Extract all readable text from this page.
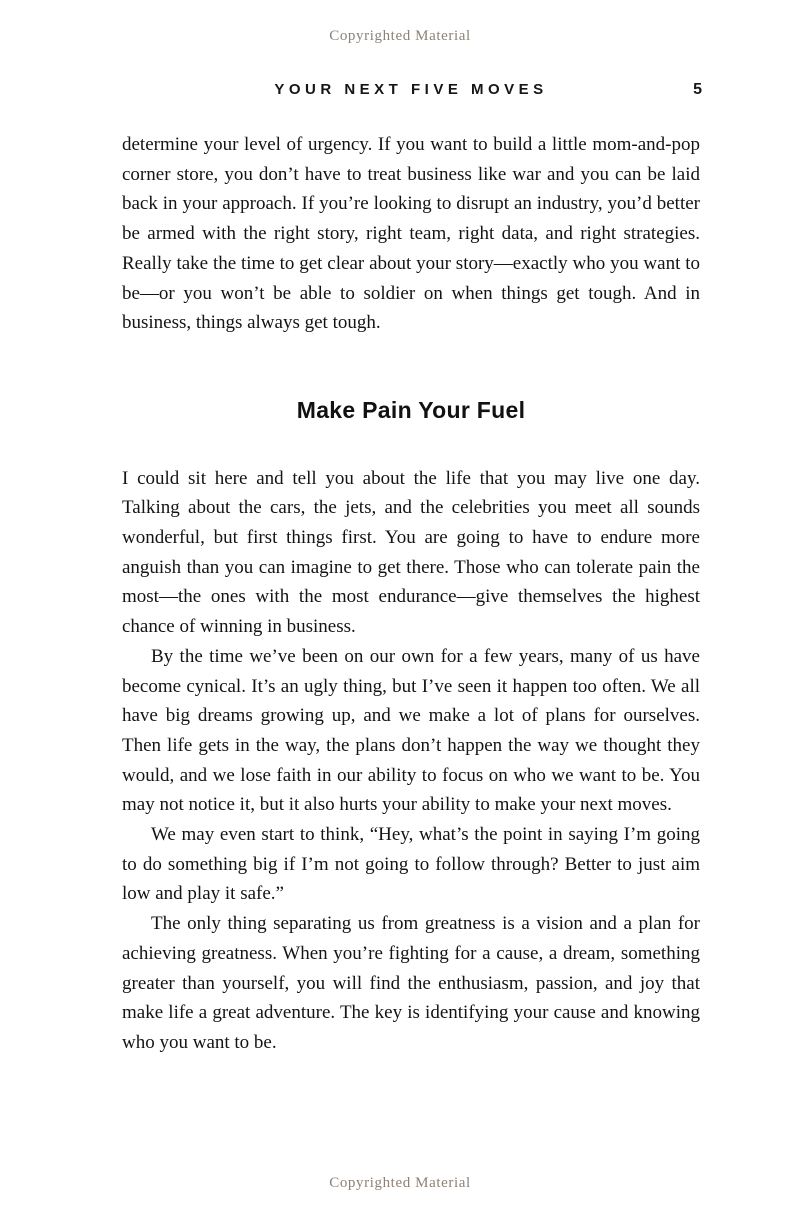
Copyrighted Material
YOUR NEXT FIVE MOVES	5

determine your level of urgency. If you want to build a little mom-and-pop corner store, you don’t have to treat business like war and you can be laid back in your approach. If you’re looking to disrupt an industry, you’d better be armed with the right story, right team, right data, and right strategies. Really take the time to get clear about your story—exactly who you want to be—or you won’t be able to soldier on when things get tough. And in business, things always get tough.

Make Pain Your Fuel

I could sit here and tell you about the life that you may live one day. Talking about the cars, the jets, and the celebrities you meet all sounds wonderful, but first things first. You are going to have to endure more anguish than you can imagine to get there. Those who can tolerate pain the most—the ones with the most endurance—give themselves the highest chance of winning in business.

By the time we’ve been on our own for a few years, many of us have become cynical. It’s an ugly thing, but I’ve seen it happen too often. We all have big dreams growing up, and we make a lot of plans for ourselves. Then life gets in the way, the plans don’t happen the way we thought they would, and we lose faith in our ability to focus on who we want to be. You may not notice it, but it also hurts your ability to make your next moves.

We may even start to think, “Hey, what’s the point in saying I’m going to do something big if I’m not going to follow through? Better to just aim low and play it safe.”

The only thing separating us from greatness is a vision and a plan for achieving greatness. When you’re fighting for a cause, a dream, something greater than yourself, you will find the enthusiasm, passion, and joy that make life a great adventure. The key is identifying your cause and knowing who you want to be.

Copyrighted Material
